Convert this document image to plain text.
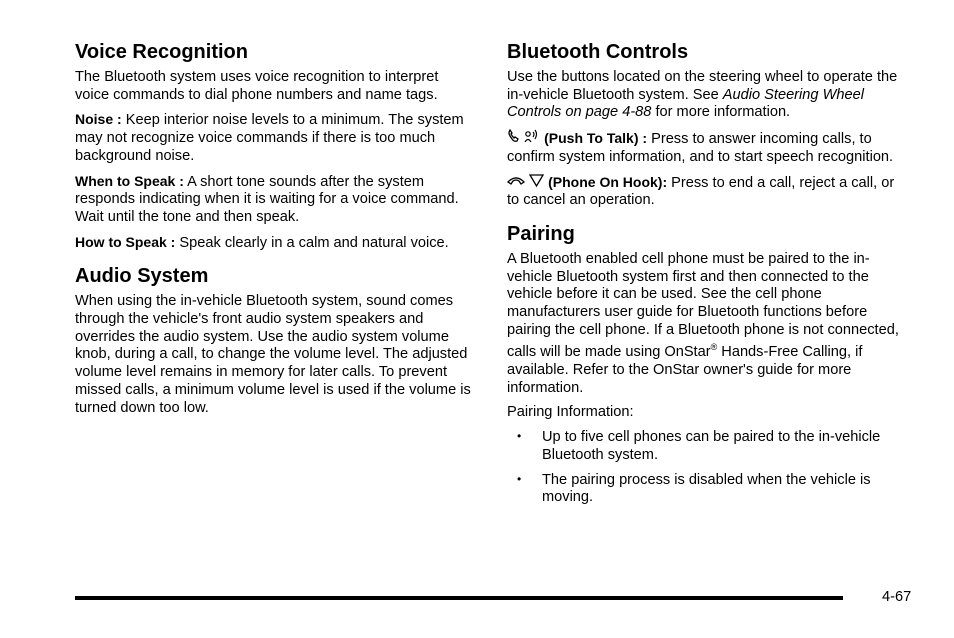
Voice Recognition

The Bluetooth system uses voice recognition to interpret voice commands to dial phone numbers and name tags.

Noise : Keep interior noise levels to a minimum. The system may not recognize voice commands if there is too much background noise.

When to Speak : A short tone sounds after the system responds indicating when it is waiting for a voice command. Wait until the tone and then speak.

How to Speak : Speak clearly in a calm and natural voice.

Audio System

When using the in-vehicle Bluetooth system, sound comes through the vehicle's front audio system speakers and overrides the audio system. Use the audio system volume knob, during a call, to change the volume level. The adjusted volume level remains in memory for later calls. To prevent missed calls, a minimum volume level is used if the volume is turned down too low.

Bluetooth Controls

Use the buttons located on the steering wheel to operate the in-vehicle Bluetooth system. See Audio Steering Wheel Controls on page 4-88 for more information.

(Push To Talk) : Press to answer incoming calls, to confirm system information, and to start speech recognition.

(Phone On Hook): Press to end a call, reject a call, or to cancel an operation.

Pairing

A Bluetooth enabled cell phone must be paired to the in-vehicle Bluetooth system first and then connected to the vehicle before it can be used. See the cell phone manufacturers user guide for Bluetooth functions before pairing the cell phone. If a Bluetooth phone is not connected, calls will be made using OnStar® Hands-Free Calling, if available. Refer to the OnStar owner's guide for more information.

Pairing Information:

• Up to five cell phones can be paired to the in-vehicle Bluetooth system.
• The pairing process is disabled when the vehicle is moving.
4-67
